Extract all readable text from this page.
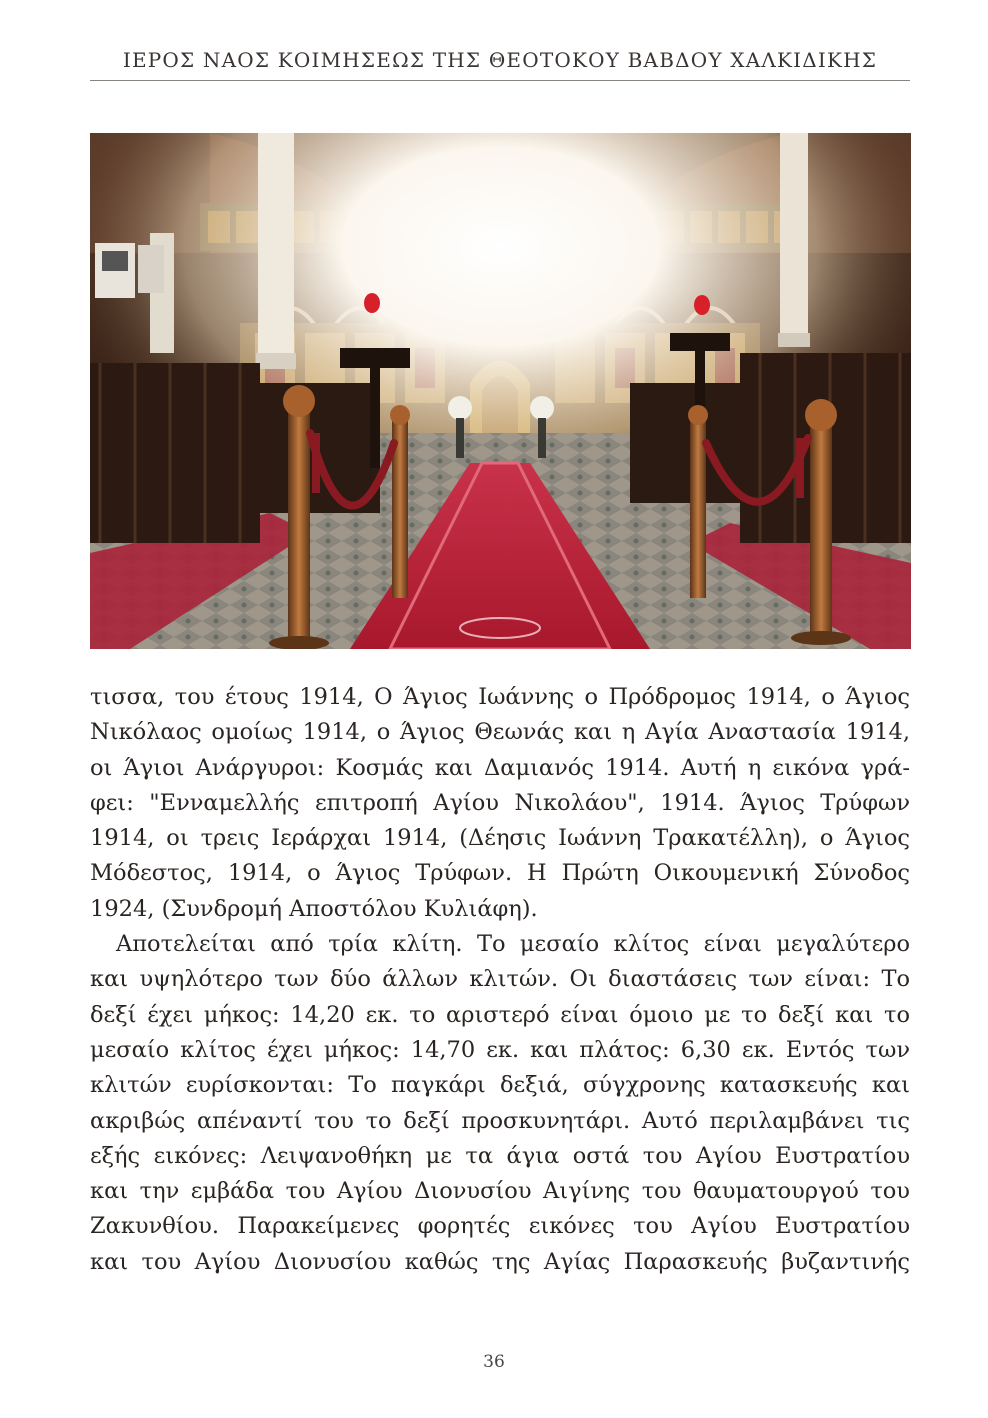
ΙΕΡΟΣ ΝΑΟΣ ΚΟΙΜΗΣΕΩΣ ΤΗΣ ΘΕΟΤΟΚΟΥ ΒΑΒΔΟΥ ΧΑΛΚΙΔΙΚΗΣ
τισσα, του έτους 1914, Ο Άγιος Ιωάννης ο Πρόδρομος 1914, ο Άγιος
Νικόλαος ομοίως 1914, ο Άγιος Θεωνάς και η Αγία Αναστασία 1914,
οι Άγιοι Ανάργυροι: Κοσμάς και Δαμιανός 1914. Αυτή η εικόνα γρά-
φει: "Ενναμελλής επιτροπή Αγίου Νικολάου", 1914. Άγιος Τρύφων
1914, οι τρεις Ιεράρχαι 1914, (Δέησις Ιωάννη Τρακατέλλη), ο Άγιος
Μόδεστος, 1914, ο Άγιος Τρύφων. Η Πρώτη Οικουμενική Σύνοδος
1924, (Συνδρομή Αποστόλου Κυλιάφη).
Αποτελείται από τρία κλίτη. Το μεσαίο κλίτος είναι μεγαλύτερο
και υψηλότερο των δύο άλλων κλιτών. Οι διαστάσεις των είναι: Το
δεξί έχει μήκος: 14,20 εκ. το αριστερό είναι όμοιο με το δεξί και το
μεσαίο κλίτος έχει μήκος: 14,70 εκ. και πλάτος: 6,30 εκ. Εντός των
κλιτών ευρίσκονται: Το παγκάρι δεξιά, σύγχρονης κατασκευής και
ακριβώς απέναντί του το δεξί προσκυνητάρι. Αυτό περιλαμβάνει τις
εξής εικόνες: Λειψανοθήκη με τα άγια οστά του Αγίου Ευστρατίου
και την εμβάδα του Αγίου Διονυσίου Αιγίνης του θαυματουργού του
Ζακυνθίου. Παρακείμενες φορητές εικόνες του Αγίου Ευστρατίου
και του Αγίου Διονυσίου καθώς της Αγίας Παρασκευής βυζαντινής
36
